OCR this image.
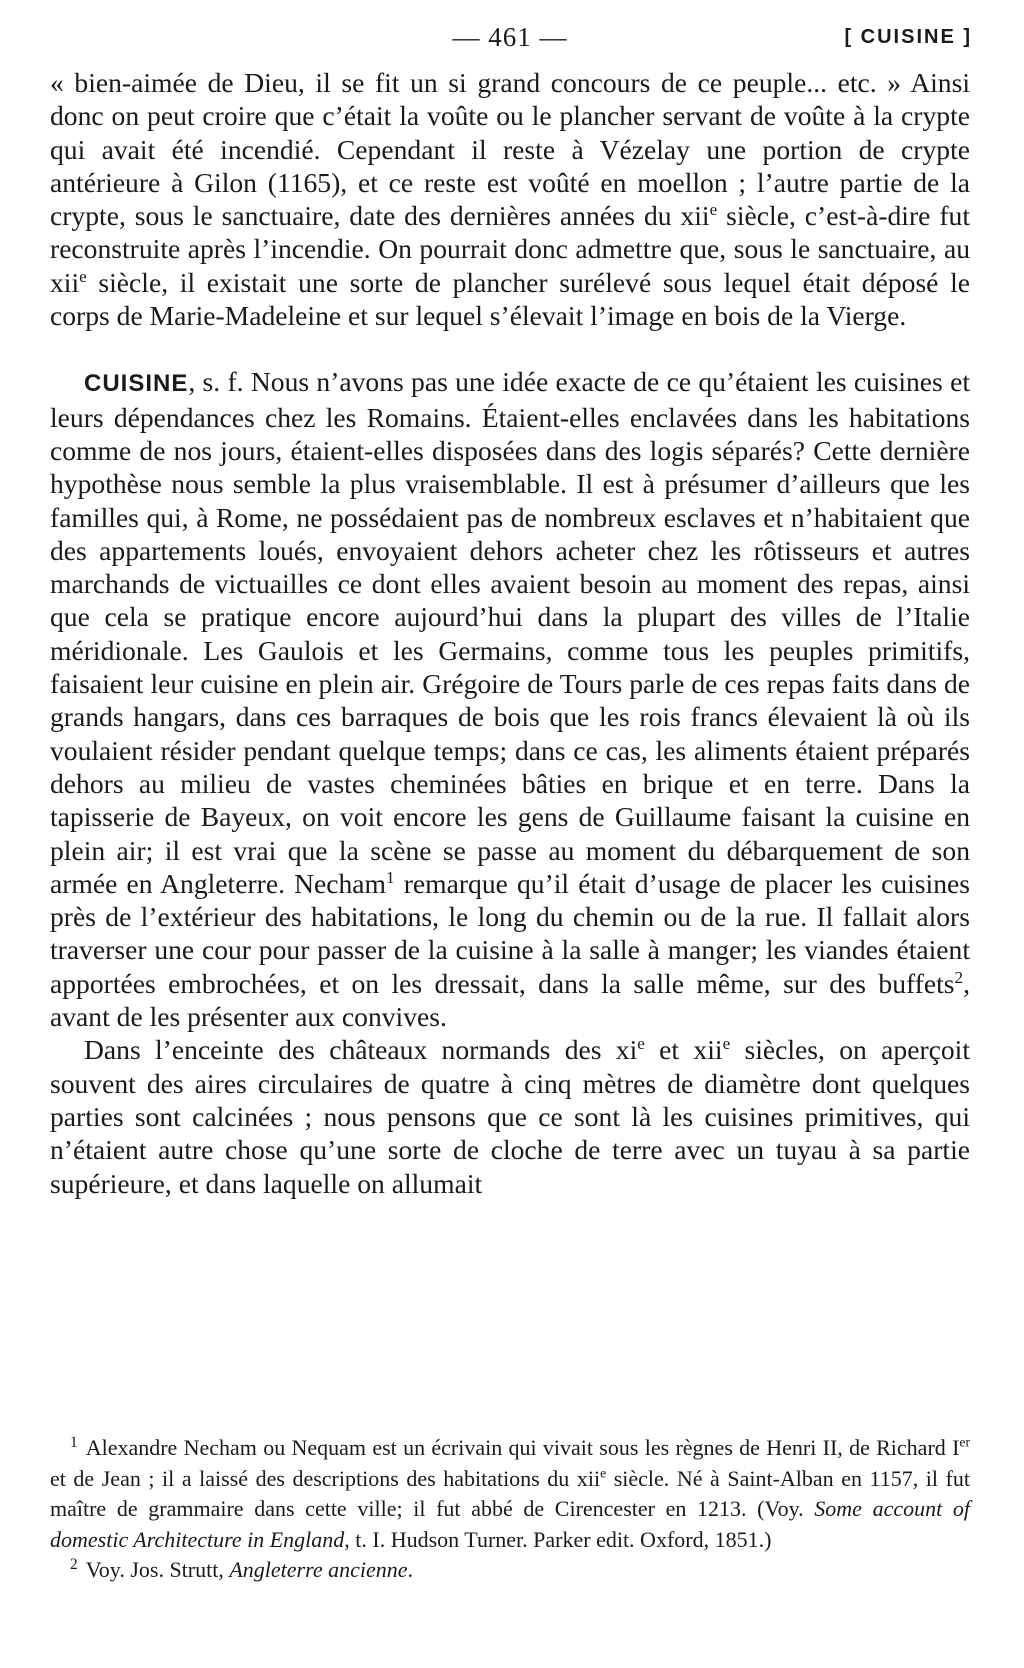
— 461 —	[ CUISINE ]

« bien-aimée de Dieu, il se fit un si grand concours de ce peuple... etc. » Ainsi donc on peut croire que c’était la voûte ou le plancher servant de voûte à la crypte qui avait été incendié. Cependant il reste à Vézelay une portion de crypte antérieure à Gilon (1165), et ce reste est voûté en moellon ; l’autre partie de la crypte, sous le sanctuaire, date des dernières années du xii$^e$ siècle, c’est-à-dire fut reconstruite après l’incendie. On pourrait donc admettre que, sous le sanctuaire, au xii$^e$ siècle, il existait une sorte de plancher surélevé sous lequel était déposé le corps de Marie-Madeleine et sur lequel s’élevait l’image en bois de la Vierge.

CUISINE, s. f. Nous n’avons pas une idée exacte de ce qu’étaient les cuisines et leurs dépendances chez les Romains. Étaient-elles enclavées dans les habitations comme de nos jours, étaient-elles disposées dans des logis séparés? Cette dernière hypothèse nous semble la plus vraisemblable. Il est à présumer d’ailleurs que les familles qui, à Rome, ne possédaient pas de nombreux esclaves et n’habitaient que des appartements loués, envoyaient dehors acheter chez les rôtisseurs et autres marchands de victuailles ce dont elles avaient besoin au moment des repas, ainsi que cela se pratique encore aujourd’hui dans la plupart des villes de l’Italie méridionale. Les Gaulois et les Germains, comme tous les peuples primitifs, faisaient leur cuisine en plein air. Grégoire de Tours parle de ces repas faits dans de grands hangars, dans ces barraques de bois que les rois francs élevaient là où ils voulaient résider pendant quelque temps; dans ce cas, les aliments étaient préparés dehors au milieu de vastes cheminées bâties en brique et en terre. Dans la tapisserie de Bayeux, on voit encore les gens de Guillaume faisant la cuisine en plein air; il est vrai que la scène se passe au moment du débarquement de son armée en Angleterre. Necham$^1$ remarque qu’il était d’usage de placer les cuisines près de l’extérieur des habitations, le long du chemin ou de la rue. Il fallait alors traverser une cour pour passer de la cuisine à la salle à manger; les viandes étaient apportées embrochées, et on les dressait, dans la salle même, sur des buffets$^2$, avant de les présenter aux convives.

Dans l’enceinte des châteaux normands des $xi^e$ et xii$^e$ siècles, on aperçoit souvent des aires circulaires de quatre à cinq mètres de diamètre dont quelques parties sont calcinées ; nous pensons que ce sont là les cuisines primitives, qui n’étaient autre chose qu’une sorte de cloche de terre avec un tuyau à sa partie supérieure, et dans laquelle on allumait

$^1$ Alexandre Necham ou Nequam est un écrivain qui vivait sous les règnes de Henri II, de Richard Ier et de Jean ; il a laissé des descriptions des habitations du xii$^e$ siècle. Né à Saint-Alban en 1157, il fut maître de grammaire dans cette ville; il fut abbé de Cirencester en 1213. (Voy. Some account of domestic Architecture in England, t. I. Hudson Turner. Parker edit. Oxford, 1851.)

$^2$ Voy. Jos. Strutt, Angleterre ancienne.
